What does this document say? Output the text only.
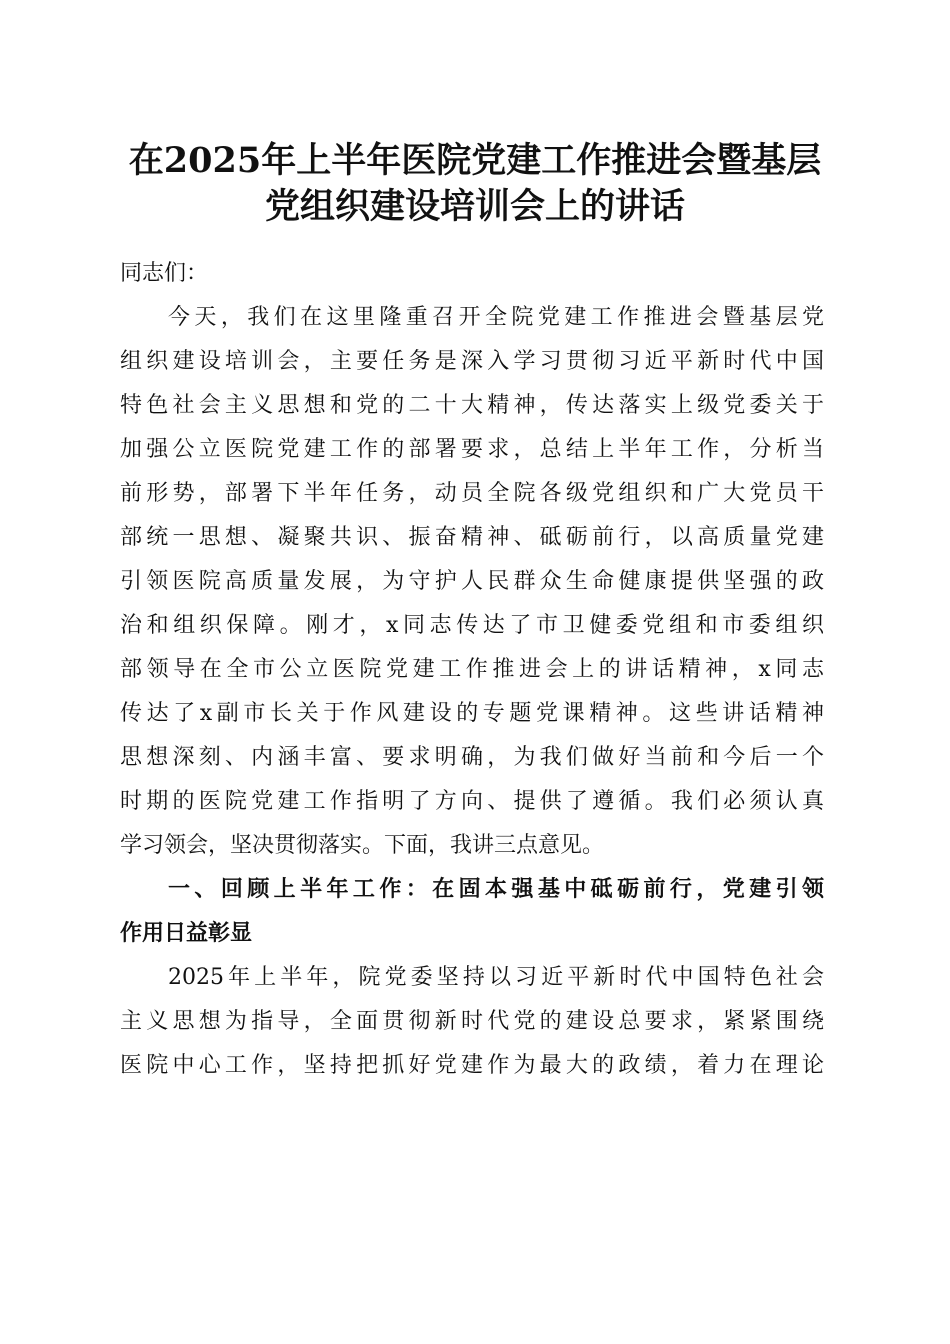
在2025年上半年医院党建工作推进会暨基层
党组织建设培训会上的讲话
同志们：
今天，我们在这里隆重召开全院党建工作推进会暨基层党
组织建设培训会，主要任务是深入学习贯彻习近平新时代中国
特色社会主义思想和党的二十大精神，传达落实上级党委关于
加强公立医院党建工作的部署要求，总结上半年工作，分析当
前形势，部署下半年任务，动员全院各级党组织和广大党员干
部统一思想、凝聚共识、振奋精神、砥砺前行，以高质量党建
引领医院高质量发展，为守护人民群众生命健康提供坚强的政
治和组织保障。刚才，x同志传达了市卫健委党组和市委组织
部领导在全市公立医院党建工作推进会上的讲话精神，x同志
传达了x副市长关于作风建设的专题党课精神。这些讲话精神
思想深刻、内涵丰富、要求明确，为我们做好当前和今后一个
时期的医院党建工作指明了方向、提供了遵循。我们必须认真
学习领会，坚决贯彻落实。下面，我讲三点意见。
一、回顾上半年工作：在固本强基中砥砺前行，党建引领
作用日益彰显
2025年上半年，院党委坚持以习近平新时代中国特色社会
主义思想为指导，全面贯彻新时代党的建设总要求，紧紧围绕
医院中心工作，坚持把抓好党建作为最大的政绩，着力在理论
